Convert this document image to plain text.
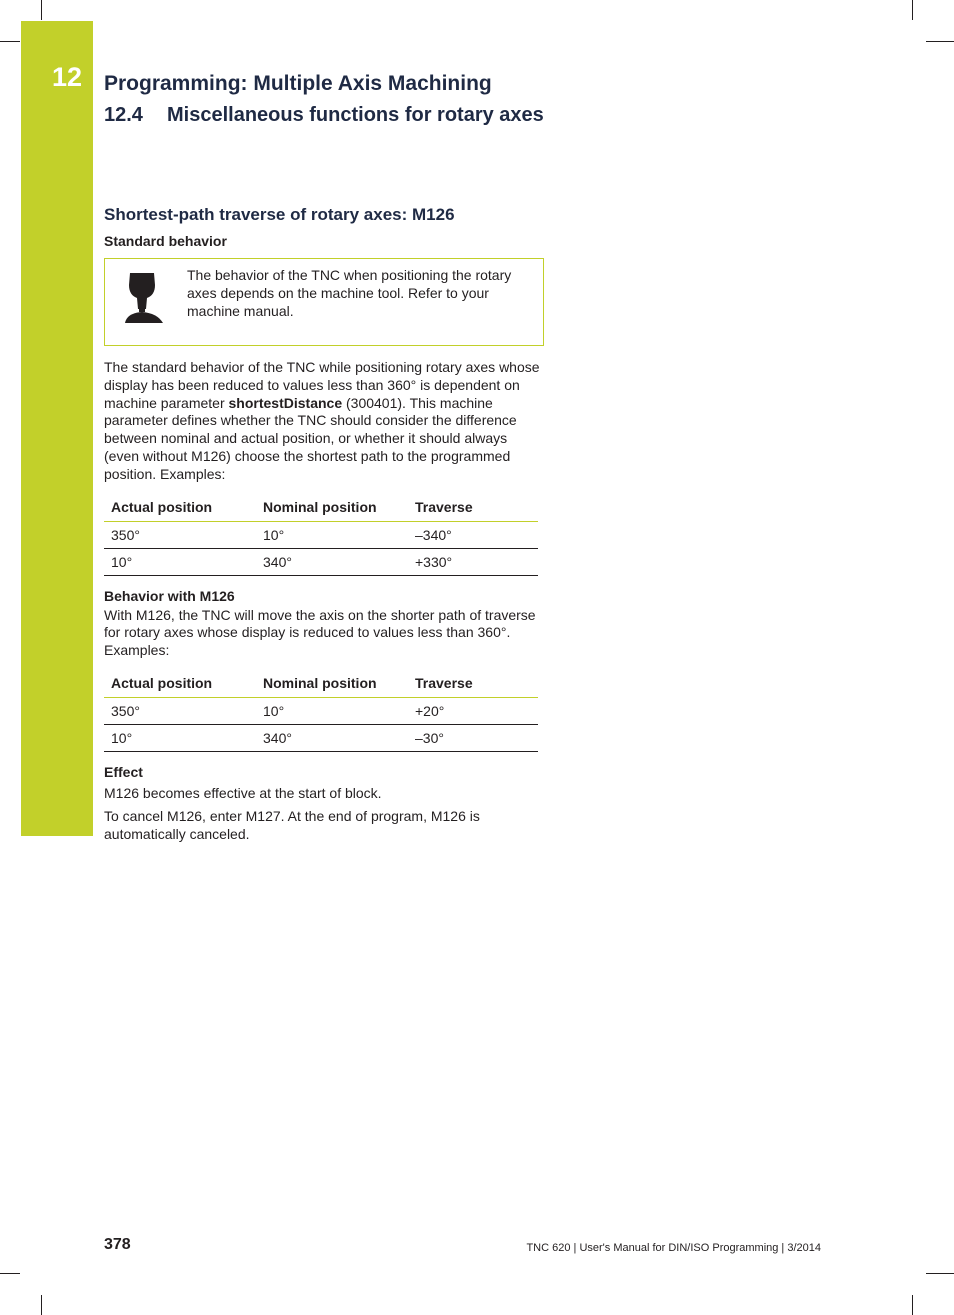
12 Programming: Multiple Axis Machining
12.4 Miscellaneous functions for rotary axes
Shortest-path traverse of rotary axes: M126
Standard behavior
The behavior of the TNC when positioning the rotary axes depends on the machine tool. Refer to your machine manual.

The standard behavior of the TNC while positioning rotary axes whose display has been reduced to values less than 360° is dependent on machine parameter shortestDistance (300401). This machine parameter defines whether the TNC should consider the difference between nominal and actual position, or whether it should always (even without M126) choose the shortest path to the programmed position. Examples:

Actual position	Nominal position	Traverse
350°	10°	–340°
10°	340°	+330°
Behavior with M126

With M126, the TNC will move the axis on the shorter path of traverse for rotary axes whose display is reduced to values less than 360°. Examples:

Actual position	Nominal position	Traverse
350°	10°	+20°
10°	340°	–30°
Effect

M126 becomes effective at the start of block.

To cancel M126, enter M127. At the end of program, M126 is automatically canceled.

378	TNC 620 | User's Manual for DIN/ISO Programming | 3/2014
